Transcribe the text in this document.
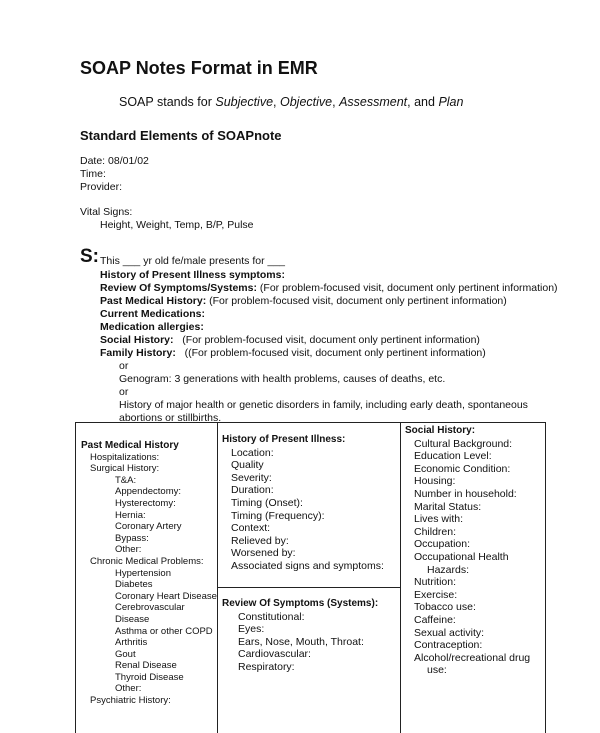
SOAP Notes Format in EMR
SOAP stands for Subjective, Objective, Assessment, and Plan
Standard Elements of SOAPnote
Date: 08/01/02
Time:
Provider:
Vital Signs:
Height, Weight, Temp, B/P, Pulse
S: This ___ yr old fe/male presents for ___
History of Present Illness symptoms:
Review Of Symptoms/Systems: (For problem-focused visit, document only pertinent information)
Past Medical History: (For problem-focused visit, document only pertinent information)
Current Medications:
Medication allergies:
Social History: (For problem-focused visit, document only pertinent information)
Family History: ((For problem-focused visit, document only pertinent information)
or
Genogram: 3 generations with health problems, causes of deaths, etc.
or
History of major health or genetic disorders in family, including early death, spontaneous abortions or stillbirths.
Past Medical History
Hospitalizations:
Surgical History:
T&A:
Appendectomy:
Hysterectomy:
Hernia:
Coronary Artery Bypass:
Other:
Chronic Medical Problems:
Hypertension
Diabetes
Coronary Heart Disease
Cerebrovascular Disease
Asthma or other COPD
Arthritis
Gout
Renal Disease
Thyroid Disease
Other:
Psychiatric History:
History of Present Illness:
Location:
Quality
Severity:
Duration:
Timing (Onset):
Timing (Frequency):
Context:
Relieved by:
Worsened by:
Associated signs and symptoms:
Review Of Symptoms (Systems):
Constitutional:
Eyes:
Ears, Nose, Mouth, Throat:
Cardiovascular:
Respiratory:
Social History:
Cultural Background:
Education Level:
Economic Condition:
Housing:
Number in household:
Marital Status:
Lives with:
Children:
Occupation:
Occupational Health
Hazards:
Nutrition:
Exercise:
Tobacco use:
Caffeine:
Sexual activity:
Contraception:
Alcohol/recreational drug
use:
